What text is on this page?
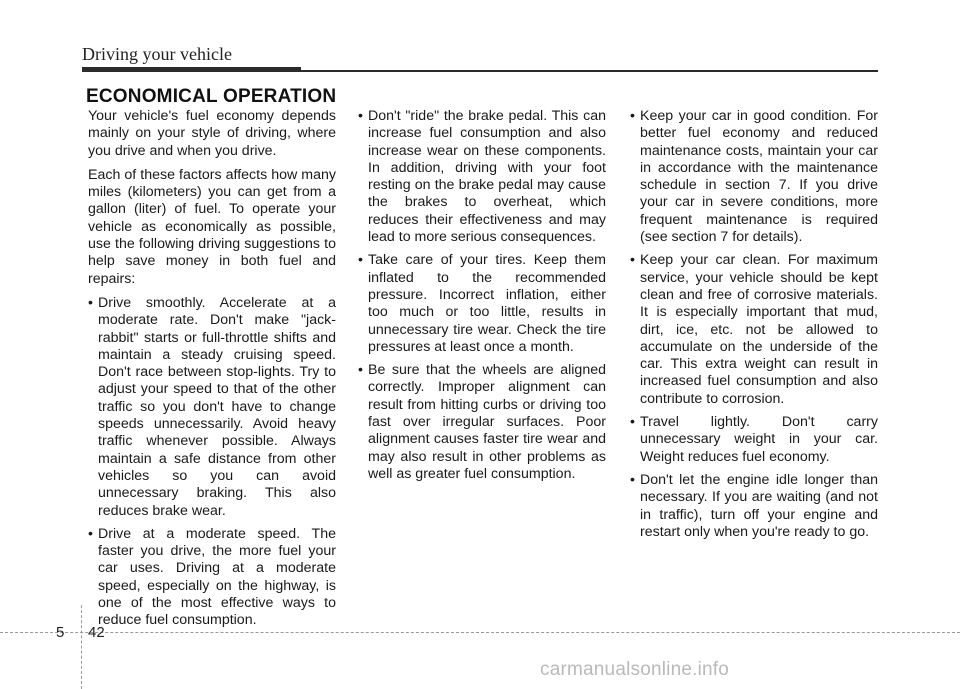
Driving your vehicle
ECONOMICAL OPERATION

Your vehicle's fuel economy depends mainly on your style of driving, where you drive and when you drive.

Each of these factors affects how many miles (kilometers) you can get from a gallon (liter) of fuel. To operate your vehicle as economically as possible, use the following driving suggestions to help save money in both fuel and repairs:

• Drive smoothly. Accelerate at a moderate rate. Don't make "jack-rabbit" starts or full-throttle shifts and maintain a steady cruising speed. Don't race between stop-lights. Try to adjust your speed to that of the other traffic so you don't have to change speeds unnecessarily. Avoid heavy traffic whenever possible. Always maintain a safe distance from other vehicles so you can avoid unnecessary braking. This also reduces brake wear.
• Drive at a moderate speed. The faster you drive, the more fuel your car uses. Driving at a moderate speed, especially on the highway, is one of the most effective ways to reduce fuel consumption.
• Don't "ride" the brake pedal. This can increase fuel consumption and also increase wear on these components. In addition, driving with your foot resting on the brake pedal may cause the brakes to overheat, which reduces their effectiveness and may lead to more serious consequences.
• Take care of your tires. Keep them inflated to the recommended pressure. Incorrect inflation, either too much or too little, results in unnecessary tire wear. Check the tire pressures at least once a month.
• Be sure that the wheels are aligned correctly. Improper alignment can result from hitting curbs or driving too fast over irregular surfaces. Poor alignment causes faster tire wear and may also result in other problems as well as greater fuel consumption.
• Keep your car in good condition. For better fuel economy and reduced maintenance costs, maintain your car in accordance with the maintenance schedule in section 7. If you drive your car in severe conditions, more frequent maintenance is required (see section 7 for details).
• Keep your car clean. For maximum service, your vehicle should be kept clean and free of corrosive materials. It is especially important that mud, dirt, ice, etc. not be allowed to accumulate on the underside of the car. This extra weight can result in increased fuel consumption and also contribute to corrosion.
• Travel lightly. Don't carry unnecessary weight in your car. Weight reduces fuel economy.
• Don't let the engine idle longer than necessary. If you are waiting (and not in traffic), turn off your engine and restart only when you're ready to go.
5 42
carmanualsonline.info
